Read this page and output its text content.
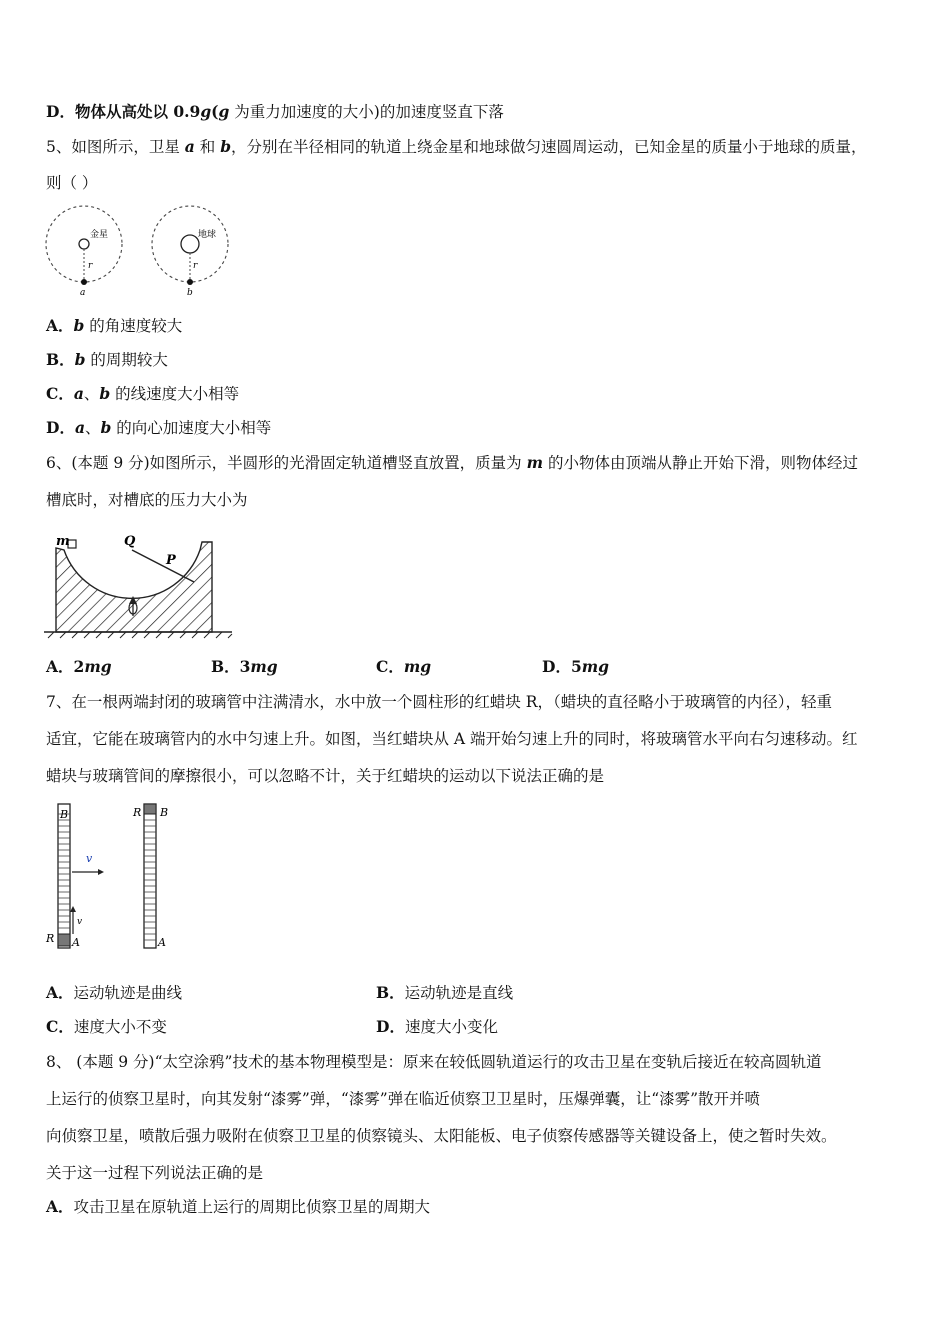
D．物体从高处以 0.9g(g 为重力加速度的大小)的加速度竖直下落
5、如图所示，卫星 a 和 b，分别在半径相同的轨道上绕金星和地球做匀速圆周运动，已知金星的质量小于地球的质量，
则（ ）
金星
r
a
地球
r
b
A．b 的角速度较大
B．b 的周期较大
C．a、b 的线速度大小相等
D．a、b 的向心加速度大小相等
6、(本题 9 分)如图所示，半圆形的光滑固定轨道槽竖直放置，质量为 m 的小物体由顶端从静止开始下滑，则物体经过
槽底时，对槽底的压力大小为
m	Q
P
A．2mg	B．3mg	C．mg	D．5mg
7、在一根两端封闭的玻璃管中注满清水，水中放一个圆柱形的红蜡块 R，（蜡块的直径略小于玻璃管的内径），轻重
适宜，它能在玻璃管内的水中匀速上升。如图，当红蜡块从 A 端开始匀速上升的同时，将玻璃管水平向右匀速移动。红
蜡块与玻璃管间的摩擦很小，可以忽略不计，关于红蜡块的运动以下说法正确的是
B
A
R
v
v
B
R
A
A．运动轨迹是曲线	B．运动轨迹是直线
C．速度大小不变	D．速度大小变化
8、 (本题 9 分)“太空涂鸦”技术的基本物理模型是：原来在较低圆轨道运行的攻击卫星在变轨后接近在较高圆轨道
上运行的侦察卫星时，向其发射“漆雾”弹，“漆雾”弹在临近侦察卫卫星时，压爆弹囊，让“漆雾”散开并喷
向侦察卫星，喷散后强力吸附在侦察卫卫星的侦察镜头、太阳能板、电子侦察传感器等关键设备上，使之暂时失效。
关于这一过程下列说法正确的是
A．攻击卫星在原轨道上运行的周期比侦察卫星的周期大
